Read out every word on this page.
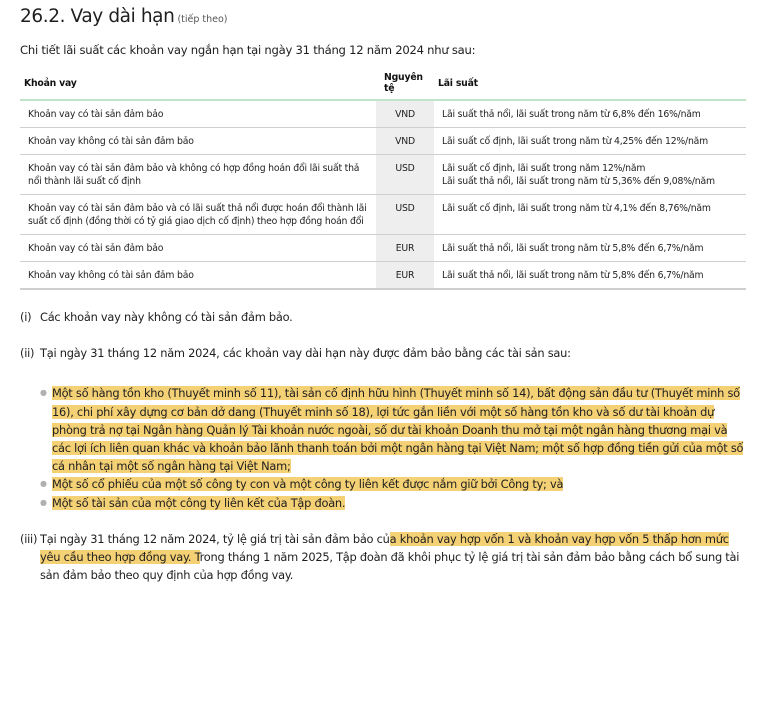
26.2. Vay dài hạn (tiếp theo)
Chi tiết lãi suất các khoản vay ngắn hạn tại ngày 31 tháng 12 năm 2024 như sau:
Khoản vay	Nguyên tệ	Lãi suất
Khoản vay có tài sản đảm bảo	VND	Lãi suất thả nổi, lãi suất trong năm từ 6,8% đến 16%/năm

Khoản vay không có tài sản đảm bảo	VND	Lãi suất cố định, lãi suất trong năm từ 4,25% đến 12%/năm

Khoản vay có tài sản đảm bảo và không có hợp đồng hoán đổi lãi suất thả nổi thành lãi suất cố định	USD	Lãi suất cố định, lãi suất trong năm 12%/năm
Lãi suất thả nổi, lãi suất trong năm từ 5,36% đến 9,08%/năm

Khoản vay có tài sản đảm bảo và có lãi suất thả nổi được hoán đổi thành lãi suất cố định (đồng thời có tỷ giá giao dịch cố định) theo hợp đồng hoán đổi	USD	Lãi suất cố định, lãi suất trong năm từ 4,1% đến 8,76%/năm

Khoản vay có tài sản đảm bảo	EUR	Lãi suất thả nổi, lãi suất trong năm từ 5,8% đến 6,7%/năm

Khoản vay không có tài sản đảm bảo	EUR	Lãi suất thả nổi, lãi suất trong năm từ 5,8% đến 6,7%/năm
(i) Các khoản vay này không có tài sản đảm bảo.
(ii) Tại ngày 31 tháng 12 năm 2024, các khoản vay dài hạn này được đảm bảo bằng các tài sản sau:
● Một số hàng tồn kho (Thuyết minh số 11), tài sản cố định hữu hình (Thuyết minh số 14), bất động sản đầu tư (Thuyết minh số 16), chi phí xây dựng cơ bản dở dang (Thuyết minh số 18), lợi tức gắn liền với một số hàng tồn kho và số dư tài khoản dự phòng trả nợ tại Ngân hàng Quản lý Tài khoản nước ngoài, số dư tài khoản Doanh thu mở tại một ngân hàng thương mại và các lợi ích liên quan khác và khoản bảo lãnh thanh toán bởi một ngân hàng tại Việt Nam; một số hợp đồng tiền gửi của một số cá nhân tại một số ngân hàng tại Việt Nam;
● Một số cổ phiếu của một số công ty con và một công ty liên kết được nắm giữ bởi Công ty; và
● Một số tài sản của một công ty liên kết của Tập đoàn.
(iii) Tại ngày 31 tháng 12 năm 2024, tỷ lệ giá trị tài sản đảm bảo của khoản vay hợp vốn 1 và khoản vay hợp vốn 5 thấp hơn mức yêu cầu theo hợp đồng vay. Trong tháng 1 năm 2025, Tập đoàn đã khôi phục tỷ lệ giá trị tài sản đảm bảo bằng cách bổ sung tài sản đảm bảo theo quy định của hợp đồng vay.
